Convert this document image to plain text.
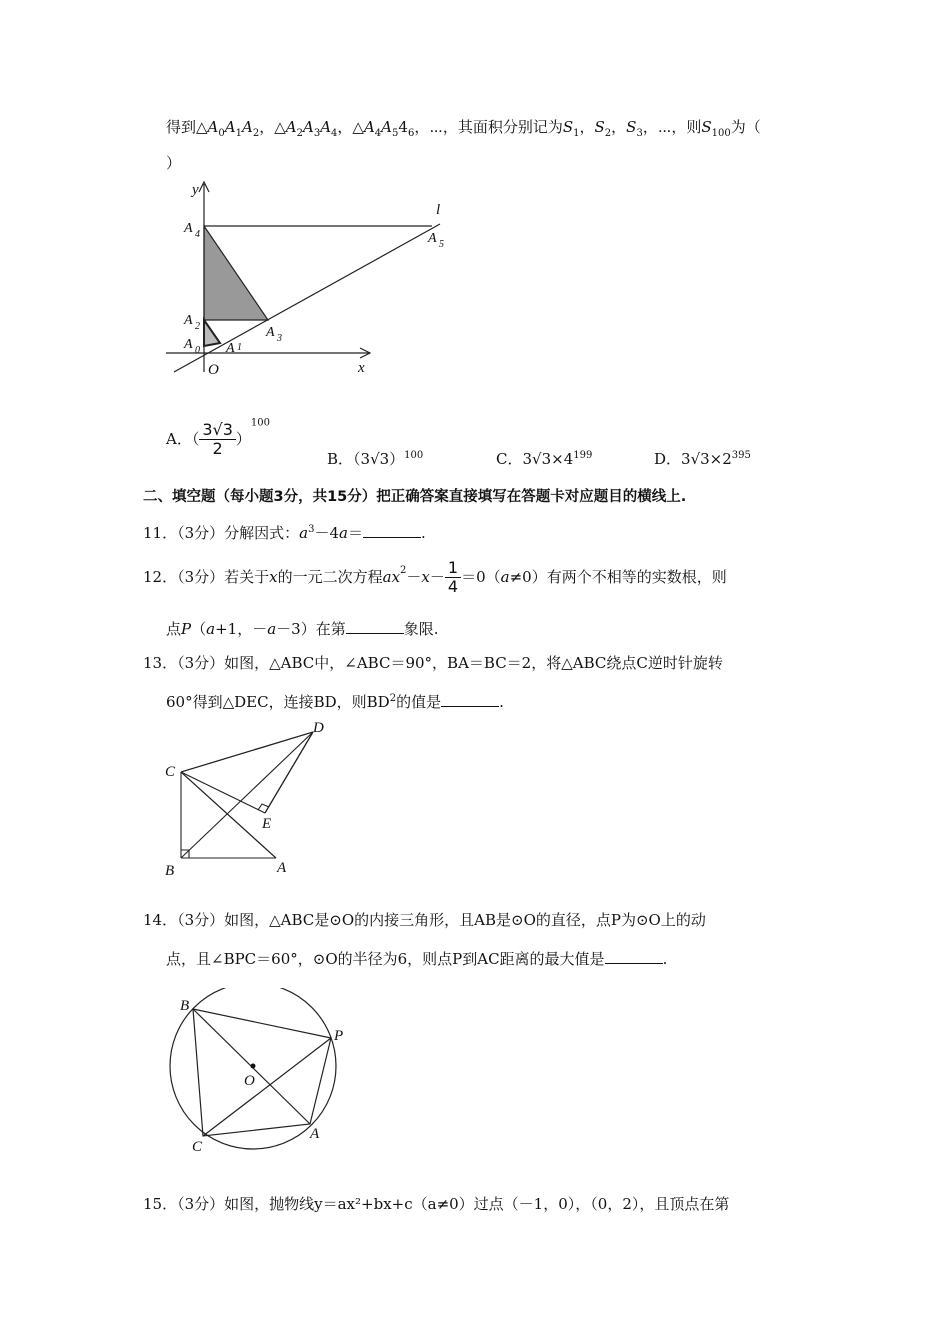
得到$\triangle A_0A_1A_2$，$\triangle A_2A_3A_4$，$\triangle A_4A_54_6$，⋯，其面积分别记为$S_1$，$S_2$，$S_3$，⋯，则$S_{100}$为（
）
y
l
x
O
A 4	A 5
A 2	A 3
A 0 A 1
A．（ $\frac{3√3}{2} )^{100}$
B．$(3√3)^{100}$	C．$3√3\times 4^{199}$	D．$3√3\times 2^{395}$
二、填空题（每小题3分，共15分）把正确答案直接填写在答题卡对应题目的横线上.
11．（3分）分解因式：$a^3-4a=$	.
12．（3分）若关于x的一元二次方程$ax^2-x- \frac{1}{4} =0(a\ne 0)$有两个不相等的实数根，则
点P（a+1，－a－3）在第	象限.
13．（3分）如图，△ABC中，∠ABC＝90°，BA＝BC＝2，将△ABC绕点C逆时针旋转
60°得到△DEC，连接BD，则$BD^2$的值是	.
C
D
E
B	A
14．（3分）如图，△ABC是⊙O的内接三角形，且AB是⊙O的直径，点P为⊙O上的动
点，且∠BPC＝60°，⊙O的半径为6，则点P到AC距离的最大值是	.
B
P
O
C
A
15．（3分）如图，抛物线y＝ax²+bx+c（a≠0）过点（－1，0），（0，2），且顶点在第
